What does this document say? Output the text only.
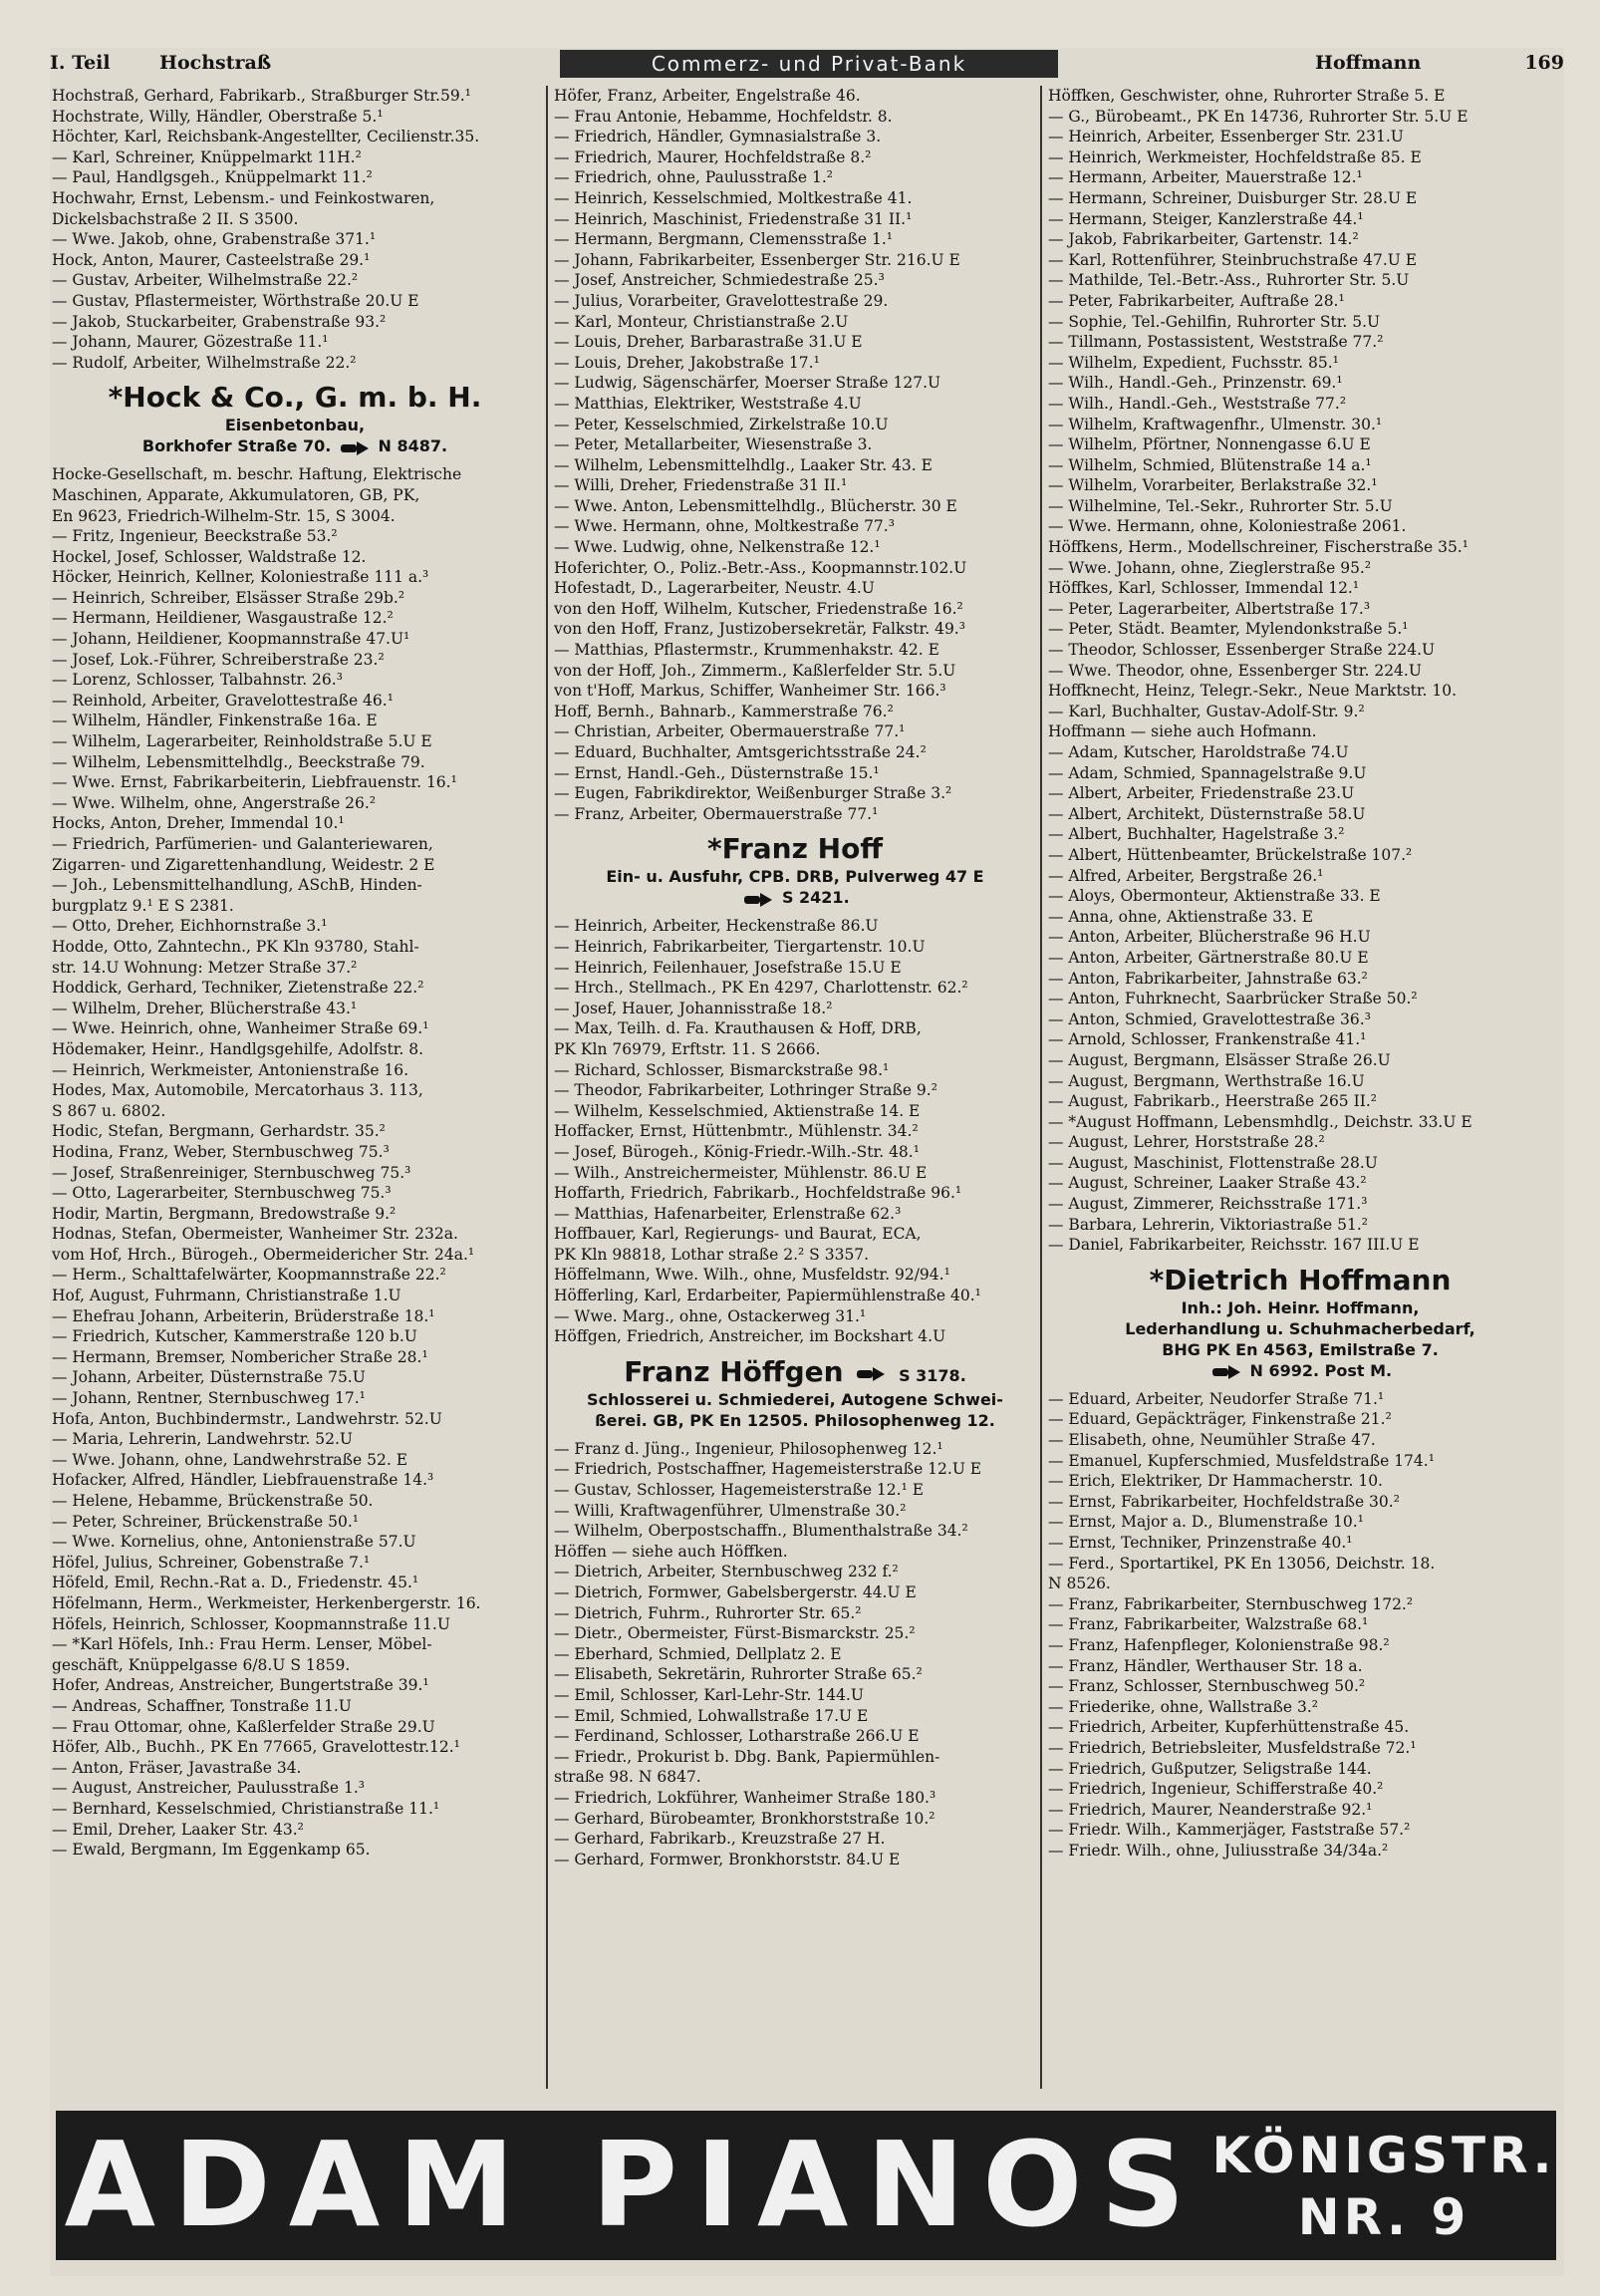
I. Teil	Hochstraß	Commerz- und Privat-Bank	Hoffmann	169
Hochstraß, Gerhard, Fabrikarb., Straßburger Str.59.¹
Hochstrate, Willy, Händler, Oberstraße 5.¹
Höchter, Karl, Reichsbank-Angestellter, Cecilienstr.35.
— Karl, Schreiner, Knüppelmarkt 11H.²
— Paul, Handlgsgeh., Knüppelmarkt 11.²
Hochwahr, Ernst, Lebensm.- und Feinkostwaren,
Dickelsbachstraße 2 II. S 3500.
— Wwe. Jakob, ohne, Grabenstraße 371.¹
Hock, Anton, Maurer, Casteelstraße 29.¹
— Gustav, Arbeiter, Wilhelmstraße 22.²
— Gustav, Pflastermeister, Wörthstraße 20.U E
— Jakob, Stuckarbeiter, Grabenstraße 93.²
— Johann, Maurer, Gözestraße 11.¹
— Rudolf, Arbeiter, Wilhelmstraße 22.²
*Hock & Co., G. m. b. H.
Eisenbetonbau,
Borkhofer Straße 70.	N 8487.
Hocke-Gesellschaft, m. beschr. Haftung, Elektrische
Maschinen, Apparate, Akkumulatoren, GB, PK,
En 9623, Friedrich-Wilhelm-Str. 15, S 3004.
— Fritz, Ingenieur, Beeckstraße 53.²
Hockel, Josef, Schlosser, Waldstraße 12.
Höcker, Heinrich, Kellner, Koloniestraße 111 a.³
— Heinrich, Schreiber, Elsässer Straße 29b.²
— Hermann, Heildiener, Wasgaustraße 12.²
— Johann, Heildiener, Koopmannstraße 47.U¹
— Josef, Lok.-Führer, Schreiberstraße 23.²
— Lorenz, Schlosser, Talbahnstr. 26.³
— Reinhold, Arbeiter, Gravelottestraße 46.¹
— Wilhelm, Händler, Finkenstraße 16a. E
— Wilhelm, Lagerarbeiter, Reinholdstraße 5.U E
— Wilhelm, Lebensmittelhdlg., Beeckstraße 79.
— Wwe. Ernst, Fabrikarbeiterin, Liebfrauenstr. 16.¹
— Wwe. Wilhelm, ohne, Angerstraße 26.²
Hocks, Anton, Dreher, Immendal 10.¹
— Friedrich, Parfümerien- und Galanteriewaren,
Zigarren- und Zigarettenhandlung, Weidestr. 2 E
— Joh., Lebensmittelhandlung, ASchB, Hinden-
burgplatz 9.¹ E S 2381.
— Otto, Dreher, Eichhornstraße 3.¹
Hodde, Otto, Zahntechn., PK Kln 93780, Stahl-
str. 14.U Wohnung: Metzer Straße 37.²
Hoddick, Gerhard, Techniker, Zietenstraße 22.²
— Wilhelm, Dreher, Blücherstraße 43.¹
— Wwe. Heinrich, ohne, Wanheimer Straße 69.¹
Hödemaker, Heinr., Handlgsgehilfe, Adolfstr. 8.
— Heinrich, Werkmeister, Antonienstraße 16.
Hodes, Max, Automobile, Mercatorhaus 3. 113,
S 867 u. 6802.
Hodic, Stefan, Bergmann, Gerhardstr. 35.²
Hodina, Franz, Weber, Sternbuschweg 75.³
— Josef, Straßenreiniger, Sternbuschweg 75.³
— Otto, Lagerarbeiter, Sternbuschweg 75.³
Hodir, Martin, Bergmann, Bredowstraße 9.²
Hodnas, Stefan, Obermeister, Wanheimer Str. 232a.
vom Hof, Hrch., Bürogeh., Obermeidericher Str. 24a.¹
— Herm., Schalttafelwärter, Koopmannstraße 22.²
Hof, August, Fuhrmann, Christianstraße 1.U
— Ehefrau Johann, Arbeiterin, Brüderstraße 18.¹
— Friedrich, Kutscher, Kammerstraße 120 b.U
— Hermann, Bremser, Nombericher Straße 28.¹
— Johann, Arbeiter, Düsternstraße 75.U
— Johann, Rentner, Sternbuschweg 17.¹
Hofa, Anton, Buchbindermstr., Landwehrstr. 52.U
— Maria, Lehrerin, Landwehrstr. 52.U
— Wwe. Johann, ohne, Landwehrstraße 52. E
Hofacker, Alfred, Händler, Liebfrauenstraße 14.³
— Helene, Hebamme, Brückenstraße 50.
— Peter, Schreiner, Brückenstraße 50.¹
— Wwe. Kornelius, ohne, Antonienstraße 57.U
Höfel, Julius, Schreiner, Gobenstraße 7.¹
Höfeld, Emil, Rechn.-Rat a. D., Friedenstr. 45.¹
Höfelmann, Herm., Werkmeister, Herkenbergerstr. 16.
Höfels, Heinrich, Schlosser, Koopmannstraße 11.U
— *Karl Höfels, Inh.: Frau Herm. Lenser, Möbel-
geschäft, Knüppelgasse 6/8.U S 1859.
Hofer, Andreas, Anstreicher, Bungertstraße 39.¹
— Andreas, Schaffner, Tonstraße 11.U
— Frau Ottomar, ohne, Kaßlerfelder Straße 29.U
Höfer, Alb., Buchh., PK En 77665, Gravelottestr.12.¹
— Anton, Fräser, Javastraße 34.
— August, Anstreicher, Paulusstraße 1.³
— Bernhard, Kesselschmied, Christianstraße 11.¹
— Emil, Dreher, Laaker Str. 43.²
— Ewald, Bergmann, Im Eggenkamp 65.
Höfer, Franz, Arbeiter, Engelstraße 46.
— Frau Antonie, Hebamme, Hochfeldstr. 8.
— Friedrich, Händler, Gymnasialstraße 3.
— Friedrich, Maurer, Hochfeldstraße 8.²
— Friedrich, ohne, Paulusstraße 1.²
— Heinrich, Kesselschmied, Moltkestraße 41.
— Heinrich, Maschinist, Friedenstraße 31 II.¹
— Hermann, Bergmann, Clemensstraße 1.¹
— Johann, Fabrikarbeiter, Essenberger Str. 216.U E
— Josef, Anstreicher, Schmiedestraße 25.³
— Julius, Vorarbeiter, Gravelottestraße 29.
— Karl, Monteur, Christianstraße 2.U
— Louis, Dreher, Barbarastraße 31.U E
— Louis, Dreher, Jakobstraße 17.¹
— Ludwig, Sägenschärfer, Moerser Straße 127.U
— Matthias, Elektriker, Weststraße 4.U
— Peter, Kesselschmied, Zirkelstraße 10.U
— Peter, Metallarbeiter, Wiesenstraße 3.
— Wilhelm, Lebensmittelhdlg., Laaker Str. 43. E
— Willi, Dreher, Friedenstraße 31 II.¹
— Wwe. Anton, Lebensmittelhdlg., Blücherstr. 30 E
— Wwe. Hermann, ohne, Moltkestraße 77.³
— Wwe. Ludwig, ohne, Nelkenstraße 12.¹
Hoferichter, O., Poliz.-Betr.-Ass., Koopmannstr.102.U
Hofestadt, D., Lagerarbeiter, Neustr. 4.U
von den Hoff, Wilhelm, Kutscher, Friedenstraße 16.²
von den Hoff, Franz, Justizobersekretär, Falkstr. 49.³
— Matthias, Pflastermstr., Krummenhakstr. 42. E
von der Hoff, Joh., Zimmerm., Kaßlerfelder Str. 5.U
von t'Hoff, Markus, Schiffer, Wanheimer Str. 166.³
Hoff, Bernh., Bahnarb., Kammerstraße 76.²
— Christian, Arbeiter, Obermauerstraße 77.¹
— Eduard, Buchhalter, Amtsgerichtsstraße 24.²
— Ernst, Handl.-Geh., Düsternstraße 15.¹
— Eugen, Fabrikdirektor, Weißenburger Straße 3.²
— Franz, Arbeiter, Obermauerstraße 77.¹
*Franz Hoff
Ein- u. Ausfuhr, CPB. DRB, Pulverweg 47 E
S 2421.
— Heinrich, Arbeiter, Heckenstraße 86.U
— Heinrich, Fabrikarbeiter, Tiergartenstr. 10.U
— Heinrich, Feilenhauer, Josefstraße 15.U E
— Hrch., Stellmach., PK En 4297, Charlottenstr. 62.²
— Josef, Hauer, Johannisstraße 18.²
— Max, Teilh. d. Fa. Krauthausen & Hoff, DRB,
PK Kln 76979, Erftstr. 11. S 2666.
— Richard, Schlosser, Bismarckstraße 98.¹
— Theodor, Fabrikarbeiter, Lothringer Straße 9.²
— Wilhelm, Kesselschmied, Aktienstraße 14. E
Hoffacker, Ernst, Hüttenbmtr., Mühlenstr. 34.²
— Josef, Bürogeh., König-Friedr.-Wilh.-Str. 48.¹
— Wilh., Anstreichermeister, Mühlenstr. 86.U E
Hoffarth, Friedrich, Fabrikarb., Hochfeldstraße 96.¹
— Matthias, Hafenarbeiter, Erlenstraße 62.³
Hoffbauer, Karl, Regierungs- und Baurat, ECA,
PK Kln 98818, Lothar straße 2.² S 3357.
Höffelmann, Wwe. Wilh., ohne, Musfeldstr. 92/94.¹
Höfferling, Karl, Erdarbeiter, Papiermühlenstraße 40.¹
— Wwe. Marg., ohne, Ostackerweg 31.¹
Höffgen, Friedrich, Anstreicher, im Bockshart 4.U
Franz Höffgen	S 3178.
Schlosserei u. Schmiederei, Autogene Schwei-
ßerei. GB, PK En 12505. Philosophenweg 12.
— Franz d. Jüng., Ingenieur, Philosophenweg 12.¹
— Friedrich, Postschaffner, Hagemeisterstraße 12.U E
— Gustav, Schlosser, Hagemeisterstraße 12.¹ E
— Willi, Kraftwagenführer, Ulmenstraße 30.²
— Wilhelm, Oberpostschaffn., Blumenthalstraße 34.²
Höffen — siehe auch Höffken.
— Dietrich, Arbeiter, Sternbuschweg 232 f.²
— Dietrich, Formwer, Gabelsbergerstr. 44.U E
— Dietrich, Fuhrm., Ruhrorter Str. 65.²
— Dietr., Obermeister, Fürst-Bismarckstr. 25.²
— Eberhard, Schmied, Dellplatz 2. E
— Elisabeth, Sekretärin, Ruhrorter Straße 65.²
— Emil, Schlosser, Karl-Lehr-Str. 144.U
— Emil, Schmied, Lohwallstraße 17.U E
— Ferdinand, Schlosser, Lotharstraße 266.U E
— Friedr., Prokurist b. Dbg. Bank, Papiermühlen-
straße 98. N 6847.
— Friedrich, Lokführer, Wanheimer Straße 180.³
— Gerhard, Bürobeamter, Bronkhorststraße 10.²
— Gerhard, Fabrikarb., Kreuzstraße 27 H.
— Gerhard, Formwer, Bronkhorststr. 84.U E
Höffken, Geschwister, ohne, Ruhrorter Straße 5. E
— G., Bürobeamt., PK En 14736, Ruhrorter Str. 5.U E
— Heinrich, Arbeiter, Essenberger Str. 231.U
— Heinrich, Werkmeister, Hochfeldstraße 85. E
— Hermann, Arbeiter, Mauerstraße 12.¹
— Hermann, Schreiner, Duisburger Str. 28.U E
— Hermann, Steiger, Kanzlerstraße 44.¹
— Jakob, Fabrikarbeiter, Gartenstr. 14.²
— Karl, Rottenführer, Steinbruchstraße 47.U E
— Mathilde, Tel.-Betr.-Ass., Ruhrorter Str. 5.U
— Peter, Fabrikarbeiter, Auftraße 28.¹
— Sophie, Tel.-Gehilfin, Ruhrorter Str. 5.U
— Tillmann, Postassistent, Weststraße 77.²
— Wilhelm, Expedient, Fuchsstr. 85.¹
— Wilh., Handl.-Geh., Prinzenstr. 69.¹
— Wilh., Handl.-Geh., Weststraße 77.²
— Wilhelm, Kraftwagenfhr., Ulmenstr. 30.¹
— Wilhelm, Pförtner, Nonnengasse 6.U E
— Wilhelm, Schmied, Blütenstraße 14 a.¹
— Wilhelm, Vorarbeiter, Berlakstraße 32.¹
— Wilhelmine, Tel.-Sekr., Ruhrorter Str. 5.U
— Wwe. Hermann, ohne, Koloniestraße 2061.
Höffkens, Herm., Modellschreiner, Fischerstraße 35.¹
— Wwe. Johann, ohne, Zieglerstraße 95.²
Höffkes, Karl, Schlosser, Immendal 12.¹
— Peter, Lagerarbeiter, Albertstraße 17.³
— Peter, Städt. Beamter, Mylendonkstraße 5.¹
— Theodor, Schlosser, Essenberger Straße 224.U
— Wwe. Theodor, ohne, Essenberger Str. 224.U
Hoffknecht, Heinz, Telegr.-Sekr., Neue Marktstr. 10.
— Karl, Buchhalter, Gustav-Adolf-Str. 9.²
Hoffmann — siehe auch Hofmann.
— Adam, Kutscher, Haroldstraße 74.U
— Adam, Schmied, Spannagelstraße 9.U
— Albert, Arbeiter, Friedenstraße 23.U
— Albert, Architekt, Düsternstraße 58.U
— Albert, Buchhalter, Hagelstraße 3.²
— Albert, Hüttenbeamter, Brückelstraße 107.²
— Alfred, Arbeiter, Bergstraße 26.¹
— Aloys, Obermonteur, Aktienstraße 33. E
— Anna, ohne, Aktienstraße 33. E
— Anton, Arbeiter, Blücherstraße 96 H.U
— Anton, Arbeiter, Gärtnerstraße 80.U E
— Anton, Fabrikarbeiter, Jahnstraße 63.²
— Anton, Fuhrknecht, Saarbrücker Straße 50.²
— Anton, Schmied, Gravelottestraße 36.³
— Arnold, Schlosser, Frankenstraße 41.¹
— August, Bergmann, Elsässer Straße 26.U
— August, Bergmann, Werthstraße 16.U
— August, Fabrikarb., Heerstraße 265 II.²
— *August Hoffmann, Lebensmhdlg., Deichstr. 33.U E
— August, Lehrer, Horststraße 28.²
— August, Maschinist, Flottenstraße 28.U
— August, Schreiner, Laaker Straße 43.²
— August, Zimmerer, Reichsstraße 171.³
— Barbara, Lehrerin, Viktoriastraße 51.²
— Daniel, Fabrikarbeiter, Reichsstr. 167 III.U E
*Dietrich Hoffmann
Inh.: Joh. Heinr. Hoffmann,
Lederhandlung u. Schuhmacherbedarf,
BHG PK En 4563, Emilstraße 7.
N 6992. Post M.
— Eduard, Arbeiter, Neudorfer Straße 71.¹
— Eduard, Gepäckträger, Finkenstraße 21.²
— Elisabeth, ohne, Neumühler Straße 47.
— Emanuel, Kupferschmied, Musfeldstraße 174.¹
— Erich, Elektriker, Dr Hammacherstr. 10.
— Ernst, Fabrikarbeiter, Hochfeldstraße 30.²
— Ernst, Major a. D., Blumenstraße 10.¹
— Ernst, Techniker, Prinzenstraße 40.¹
— Ferd., Sportartikel, PK En 13056, Deichstr. 18.
N 8526.
— Franz, Fabrikarbeiter, Sternbuschweg 172.²
— Franz, Fabrikarbeiter, Walzstraße 68.¹
— Franz, Hafenpfleger, Kolonienstraße 98.²
— Franz, Händler, Werthauser Str. 18 a.
— Franz, Schlosser, Sternbuschweg 50.²
— Friederike, ohne, Wallstraße 3.²
— Friedrich, Arbeiter, Kupferhüttenstraße 45.
— Friedrich, Betriebsleiter, Musfeldstraße 72.¹
— Friedrich, Gußputzer, Seligstraße 144.
— Friedrich, Ingenieur, Schifferstraße 40.²
— Friedrich, Maurer, Neanderstraße 92.¹
— Friedr. Wilh., Kammerjäger, Faststraße 57.²
— Friedr. Wilh., ohne, Juliusstraße 34/34a.²
ADAM PIANOS KÖNIGSTR.
NR. 9
